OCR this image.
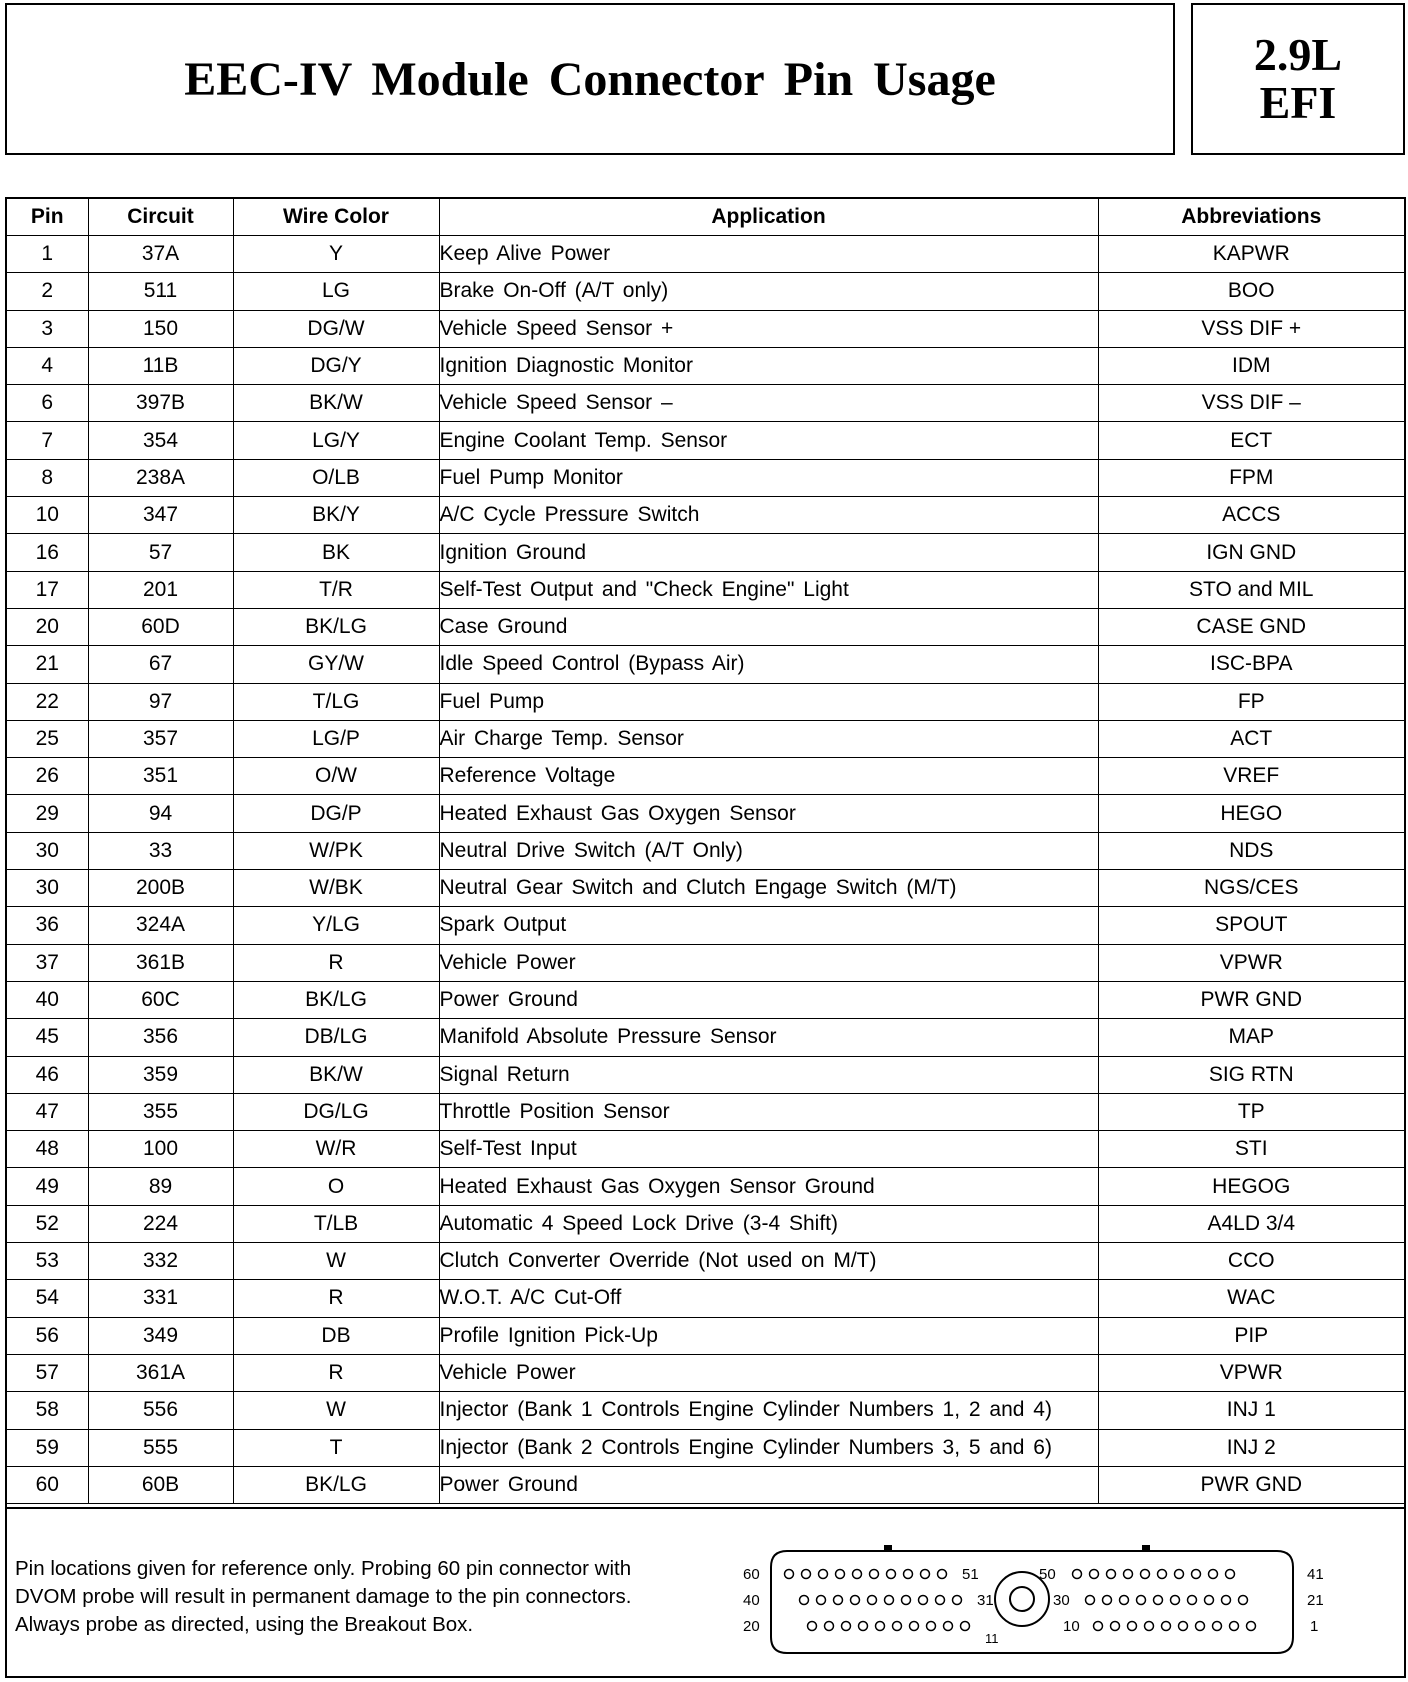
EEC-IV Module Connector Pin Usage	2.9L
EFI
Pin	Circuit	Wire Color	Application	Abbreviations
1	37A	Y	Keep Alive Power	KAPWR
2	511	LG	Brake On-Off (A/T only)	BOO
3	150	DG/W	Vehicle Speed Sensor +	VSS DIF +
4	11B	DG/Y	Ignition Diagnostic Monitor	IDM
6	397B	BK/W	Vehicle Speed Sensor –	VSS DIF –
7	354	LG/Y	Engine Coolant Temp. Sensor	ECT
8	238A	O/LB	Fuel Pump Monitor	FPM
10	347	BK/Y	A/C Cycle Pressure Switch	ACCS
16	57	BK	Ignition Ground	IGN GND
17	201	T/R	Self-Test Output and "Check Engine" Light	STO and MIL
20	60D	BK/LG	Case Ground	CASE GND
21	67	GY/W	Idle Speed Control (Bypass Air)	ISC-BPA
22	97	T/LG	Fuel Pump	FP
25	357	LG/P	Air Charge Temp. Sensor	ACT
26	351	O/W	Reference Voltage	VREF
29	94	DG/P	Heated Exhaust Gas Oxygen Sensor	HEGO
30	33	W/PK	Neutral Drive Switch (A/T Only)	NDS
30	200B	W/BK	Neutral Gear Switch and Clutch Engage Switch (M/T)	NGS/CES
36	324A	Y/LG	Spark Output	SPOUT
37	361B	R	Vehicle Power	VPWR
40	60C	BK/LG	Power Ground	PWR GND
45	356	DB/LG	Manifold Absolute Pressure Sensor	MAP
46	359	BK/W	Signal Return	SIG RTN
47	355	DG/LG	Throttle Position Sensor	TP
48	100	W/R	Self-Test Input	STI
49	89	O	Heated Exhaust Gas Oxygen Sensor Ground	HEGOG
52	224	T/LB	Automatic 4 Speed Lock Drive (3-4 Shift)	A4LD 3/4
53	332	W	Clutch Converter Override (Not used on M/T)	CCO
54	331	R	W.O.T. A/C Cut-Off	WAC
56	349	DB	Profile Ignition Pick-Up	PIP
57	361A	R	Vehicle Power	VPWR
58	556	W	Injector (Bank 1 Controls Engine Cylinder Numbers 1, 2 and 4)	INJ 1
59	555	T	Injector (Bank 2 Controls Engine Cylinder Numbers 3, 5 and 6)	INJ 2
60	60B	BK/LG	Power Ground	PWR GND
Pin locations given for reference only. Probing 60 pin connector with
DVOM probe will result in permanent damage to the pin connectors.
Always probe as directed, using the Breakout Box.
60
40
20
41
21
1
51	50
31	30
11
10
